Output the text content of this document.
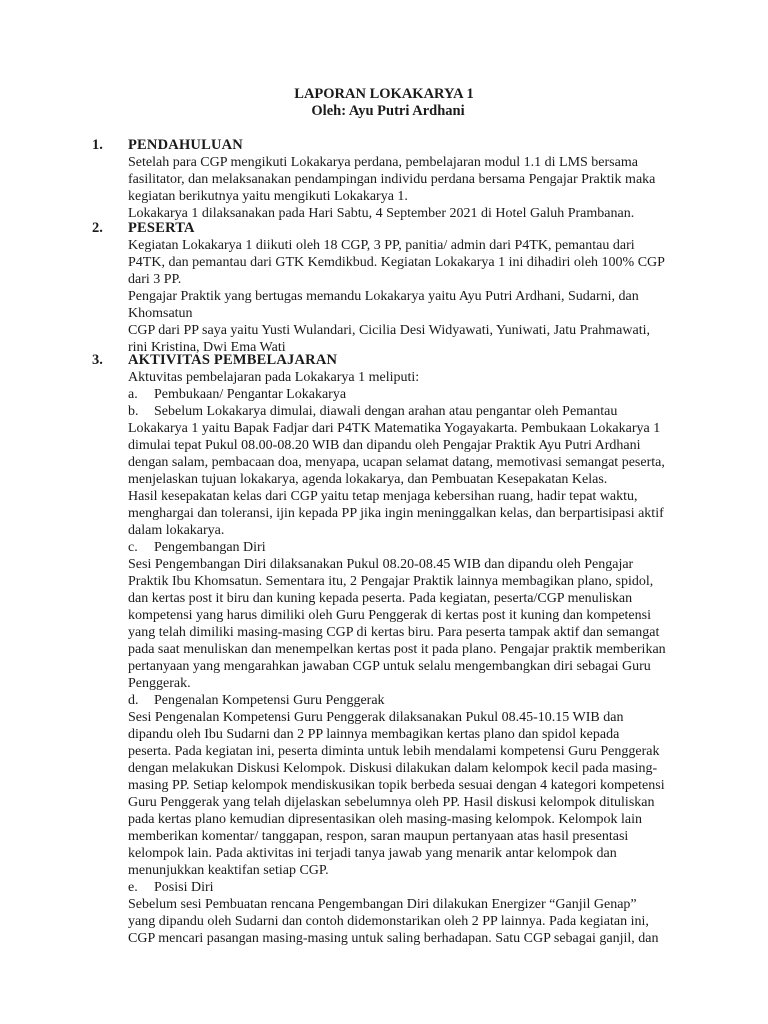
LAPORAN LOKAKARYA 1
Oleh: Ayu Putri Ardhani
1. PENDAHULUAN
Setelah para CGP mengikuti Lokakarya perdana, pembelajaran modul 1.1 di LMS bersama
fasilitator, dan melaksanakan pendampingan individu perdana bersama Pengajar Praktik maka
kegiatan berikutnya yaitu mengikuti Lokakarya 1.
Lokakarya 1 dilaksanakan pada Hari Sabtu, 4 September 2021 di Hotel Galuh Prambanan.
2. PESERTA
Kegiatan Lokakarya 1 diikuti oleh 18 CGP, 3 PP, panitia/ admin dari P4TK, pemantau dari
P4TK, dan pemantau dari GTK Kemdikbud. Kegiatan Lokakarya 1 ini dihadiri oleh 100% CGP
dari 3 PP.
Pengajar Praktik yang bertugas memandu Lokakarya yaitu Ayu Putri Ardhani, Sudarni, dan
Khomsatun
CGP dari PP saya yaitu Yusti Wulandari, Cicilia Desi Widyawati, Yuniwati, Jatu Prahmawati,
rini Kristina, Dwi Ema Wati
3. AKTIVITAS PEMBELAJARAN
Aktuvitas pembelajaran pada Lokakarya 1 meliputi:
a. Pembukaan/ Pengantar Lokakarya
b. Sebelum Lokakarya dimulai, diawali dengan arahan atau pengantar oleh Pemantau
Lokakarya 1 yaitu Bapak Fadjar dari P4TK Matematika Yogayakarta. Pembukaan Lokakarya 1
dimulai tepat Pukul 08.00-08.20 WIB dan dipandu oleh Pengajar Praktik Ayu Putri Ardhani
dengan salam, pembacaan doa, menyapa, ucapan selamat datang, memotivasi semangat peserta,
menjelaskan tujuan lokakarya, agenda lokakarya, dan Pembuatan Kesepakatan Kelas.
Hasil kesepakatan kelas dari CGP yaitu tetap menjaga kebersihan ruang, hadir tepat waktu,
menghargai dan toleransi, ijin kepada PP jika ingin meninggalkan kelas, dan berpartisipasi aktif
dalam lokakarya.
c. Pengembangan Diri
Sesi Pengembangan Diri dilaksanakan Pukul 08.20-08.45 WIB dan dipandu oleh Pengajar
Praktik Ibu Khomsatun. Sementara itu, 2 Pengajar Praktik lainnya membagikan plano, spidol,
dan kertas post it biru dan kuning kepada peserta. Pada kegiatan, peserta/CGP menuliskan
kompetensi yang harus dimiliki oleh Guru Penggerak di kertas post it kuning dan kompetensi
yang telah dimiliki masing-masing CGP di kertas biru. Para peserta tampak aktif dan semangat
pada saat menuliskan dan menempelkan kertas post it pada plano. Pengajar praktik memberikan
pertanyaan yang mengarahkan jawaban CGP untuk selalu mengembangkan diri sebagai Guru
Penggerak.
d. Pengenalan Kompetensi Guru Penggerak
Sesi Pengenalan Kompetensi Guru Penggerak dilaksanakan Pukul 08.45-10.15 WIB dan
dipandu oleh Ibu Sudarni dan 2 PP lainnya membagikan kertas plano dan spidol kepada
peserta. Pada kegiatan ini, peserta diminta untuk lebih mendalami kompetensi Guru Penggerak
dengan melakukan Diskusi Kelompok. Diskusi dilakukan dalam kelompok kecil pada masing-
masing PP. Setiap kelompok mendiskusikan topik berbeda sesuai dengan 4 kategori kompetensi
Guru Penggerak yang telah dijelaskan sebelumnya oleh PP. Hasil diskusi kelompok dituliskan
pada kertas plano kemudian dipresentasikan oleh masing-masing kelompok. Kelompok lain
memberikan komentar/ tanggapan, respon, saran maupun pertanyaan atas hasil presentasi
kelompok lain. Pada aktivitas ini terjadi tanya jawab yang menarik antar kelompok dan
menunjukkan keaktifan setiap CGP.
e. Posisi Diri
Sebelum sesi Pembuatan rencana Pengembangan Diri dilakukan Energizer “Ganjil Genap”
yang dipandu oleh Sudarni dan contoh didemonstarikan oleh 2 PP lainnya. Pada kegiatan ini,
CGP mencari pasangan masing-masing untuk saling berhadapan. Satu CGP sebagai ganjil, dan
